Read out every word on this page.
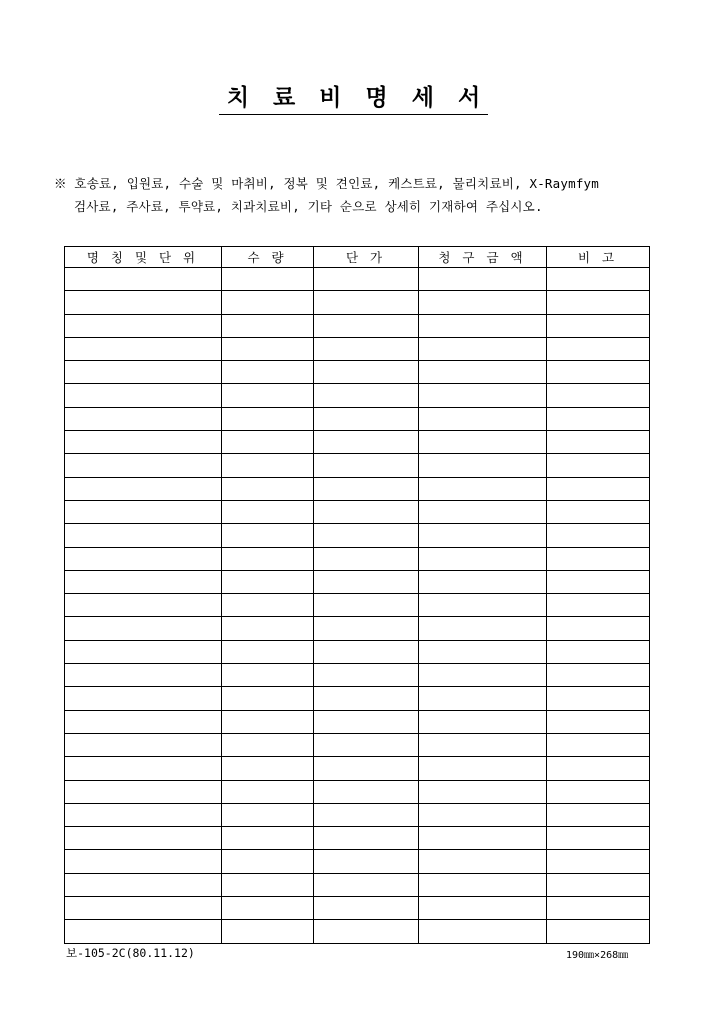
치 료 비 명 세 서
※ 호송료, 입원료, 수술 및 마취비, 정복 및 견인료, 케스트료, 물리치료비, X-Raymfym
검사료, 주사료, 투약료, 치과치료비, 기타 순으로 상세히 기재하여 주십시오.
명 칭 및 단 위	수 량	단 가	청 구 금 액	비 고

보-105-2C(80.11.12)	190㎜×268㎜
